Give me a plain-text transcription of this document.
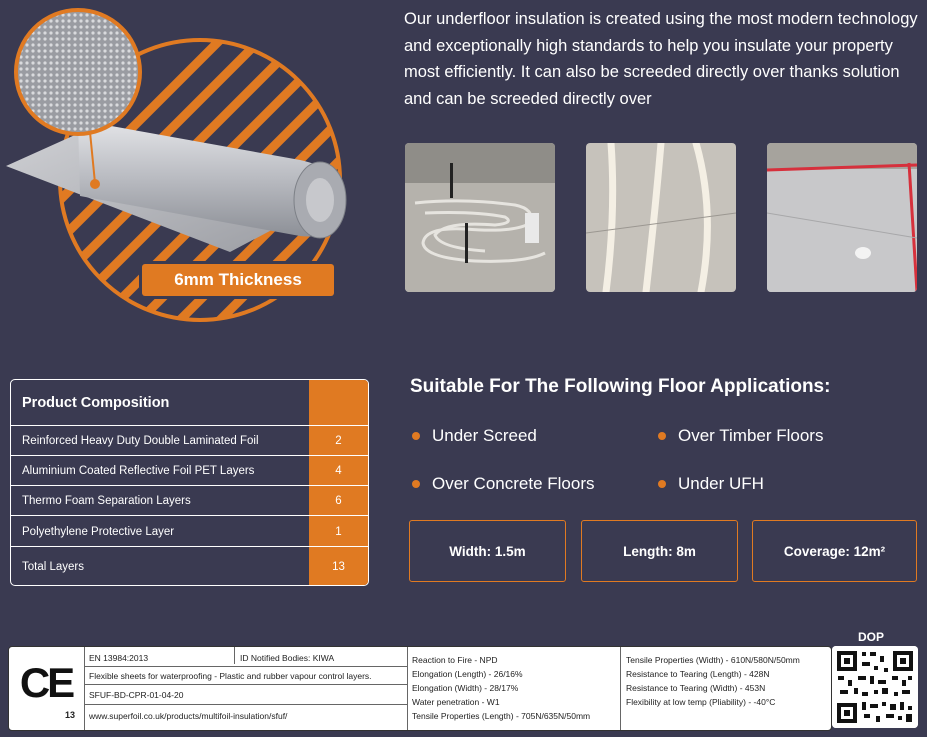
6mm Thickness
Our underfloor insulation is created using the most modern technology and exceptionally high standards to help you insulate your property most efficiently. It can also be screeded directly over thanks solution and can be screeded directly over
Product Composition
Reinforced Heavy Duty Double Laminated Foil	2
Aluminium Coated Reflective Foil PET Layers	4
Thermo Foam Separation Layers	6
Polyethylene Protective Layer	1
Total Layers	13
Suitable For The Following Floor Applications:
Under Screed	Over Timber Floors
Over Concrete Floors	Under UFH
Width: 1.5m	Length: 8m	Coverage: 12m²
CE
13
EN 13984:2013	ID Notified Bodies: KIWA
Flexible sheets for waterproofing - Plastic and rubber vapour control layers.
SFUF-BD-CPR-01-04-20
www.superfoil.co.uk/products/multifoil-insulation/sfuf/
Reaction to Fire - NPD
Elongation (Length) - 26/16%
Elongation (Width) - 28/17%
Water penetration - W1
Tensile Properties (Length) - 705N/635N/50mm
Tensile Properties (Width) - 610N/580N/50mm
Resistance to Tearing (Length) - 428N
Resistance to Tearing (Width) - 453N
Flexibility at low temp (Pliability) - -40°C
DOP
